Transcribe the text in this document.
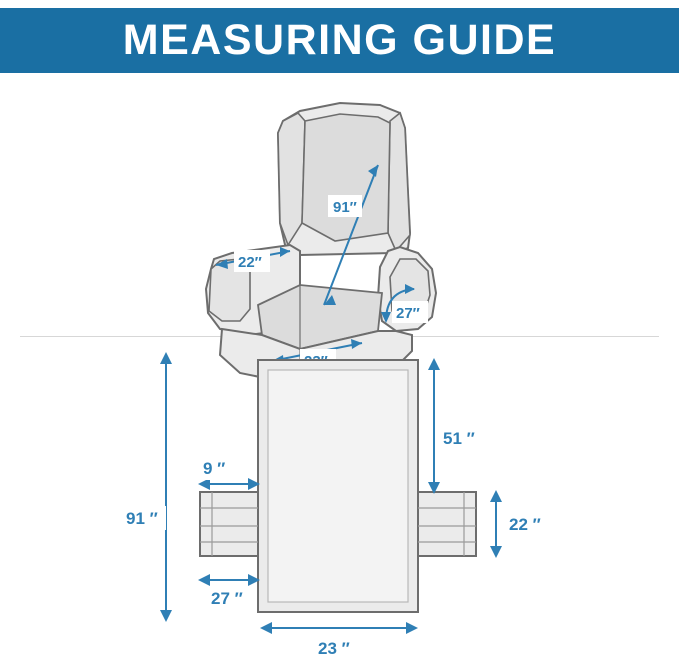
MEASURING GUIDE
91″
22″
27″
91 ″
51 ″
9 ″
22 ″
27 ″
23 ″
